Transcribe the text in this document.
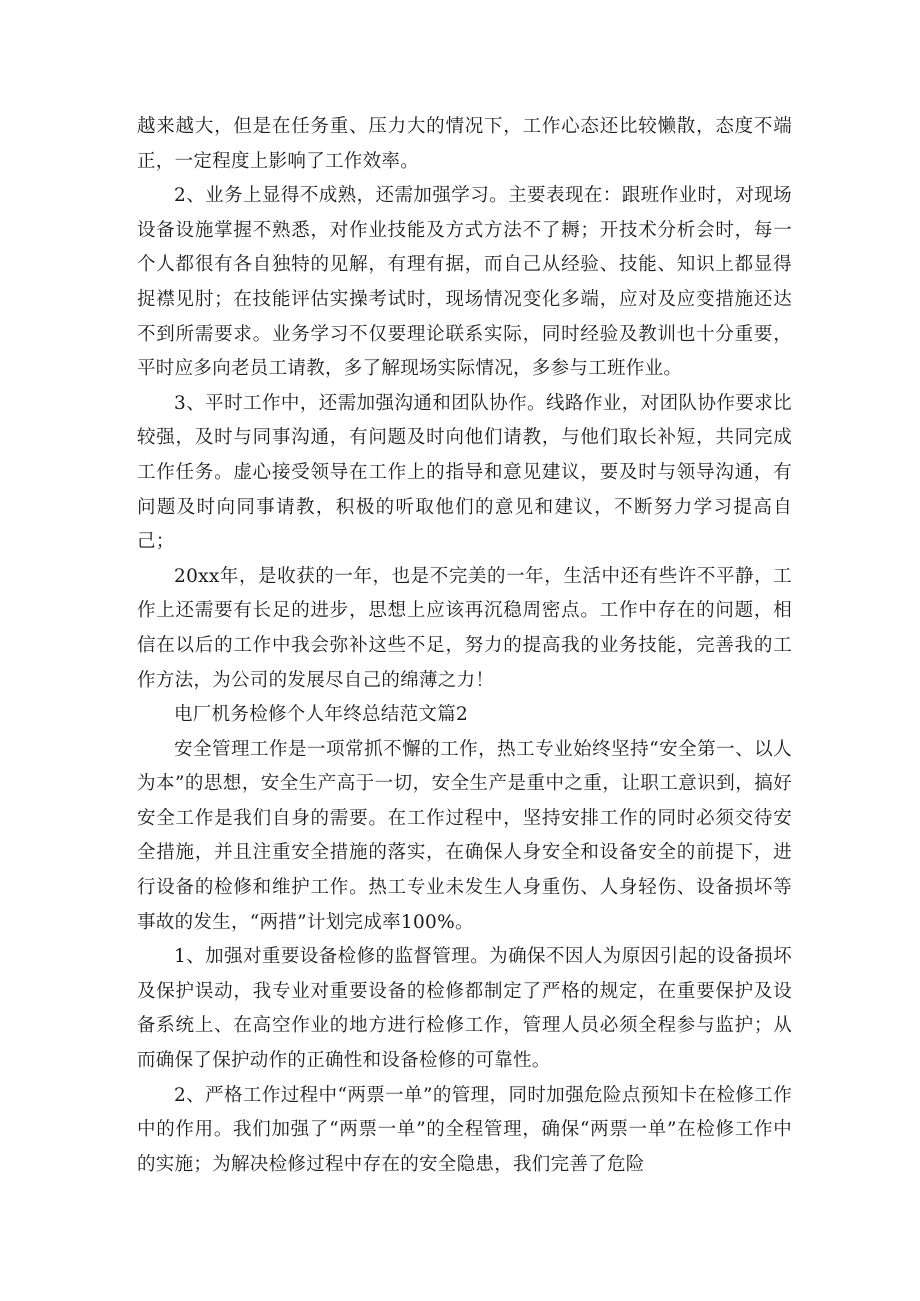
越来越大，但是在任务重、压力大的情况下，工作心态还比较懒散，态度不端正，一定程度上影响了工作效率。

2、业务上显得不成熟，还需加强学习。主要表现在：跟班作业时，对现场设备设施掌握不熟悉，对作业技能及方式方法不了耨；开技术分析会时，每一个人都很有各自独特的见解，有理有据，而自己从经验、技能、知识上都显得捉襟见肘；在技能评估实操考试时，现场情况变化多端，应对及应变措施还达不到所需要求。业务学习不仅要理论联系实际，同时经验及教训也十分重要，平时应多向老员工请教，多了解现场实际情况，多参与工班作业。

3、平时工作中，还需加强沟通和团队协作。线路作业，对团队协作要求比较强，及时与同事沟通，有问题及时向他们请教，与他们取长补短，共同完成工作任务。虚心接受领导在工作上的指导和意见建议，要及时与领导沟通，有问题及时向同事请教，积极的听取他们的意见和建议，不断努力学习提高自己；

20xx年，是收获的一年，也是不完美的一年，生活中还有些许不平静，工作上还需要有长足的进步，思想上应该再沉稳周密点。工作中存在的问题，相信在以后的工作中我会弥补这些不足，努力的提高我的业务技能，完善我的工作方法，为公司的发展尽自己的绵薄之力！

电厂机务检修个人年终总结范文篇2

安全管理工作是一项常抓不懈的工作，热工专业始终坚持“安全第一、以人为本”的思想，安全生产高于一切，安全生产是重中之重，让职工意识到，搞好安全工作是我们自身的需要。在工作过程中，坚持安排工作的同时必须交待安全措施，并且注重安全措施的落实，在确保人身安全和设备安全的前提下，进行设备的检修和维护工作。热工专业未发生人身重伤、人身轻伤、设备损坏等事故的发生，“两措”计划完成率100%。

1、加强对重要设备检修的监督管理。为确保不因人为原因引起的设备损坏及保护误动，我专业对重要设备的检修都制定了严格的规定，在重要保护及设备系统上、在高空作业的地方进行检修工作，管理人员必须全程参与监护；从而确保了保护动作的正确性和设备检修的可靠性。

2、严格工作过程中“两票一单”的管理，同时加强危险点预知卡在检修工作中的作用。我们加强了“两票一单”的全程管理，确保“两票一单”在检修工作中的实施；为解决检修过程中存在的安全隐患，我们完善了危险
